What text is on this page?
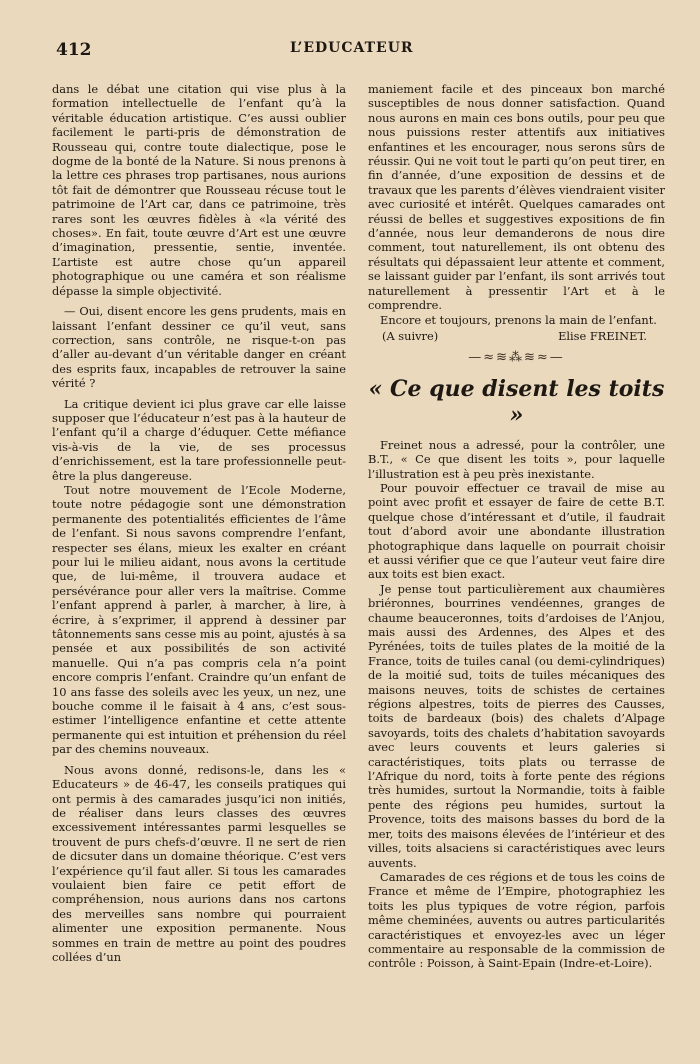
412	L’EDUCATEUR

dans le débat une citation qui vise plus à la formation intellectuelle de l’enfant qu’à la véritable éducation artistique. C’es aussi oublier facilement le parti-pris de démonstration de Rousseau qui, contre toute dialectique, pose le dogme de la bonté de la Nature. Si nous prenons à la lettre ces phrases trop partisanes, nous aurions tôt fait de démontrer que Rousseau récuse tout le patrimoine de l’Art car, dans ce patrimoine, très rares sont les œuvres fidèles à «la vérité des choses». En fait, toute œuvre d’Art est une œuvre d’imagination, pressentie, sentie, inventée. L’artiste est autre chose qu’un appareil photographique ou une caméra et son réalisme dépasse la simple objectivité.

— Oui, disent encore les gens prudents, mais en laissant l’enfant dessiner ce qu’il veut, sans correction, sans contrôle, ne risque-t-on pas d’aller au-devant d’un véritable danger en créant des esprits faux, incapables de retrouver la saine vérité ?

La critique devient ici plus grave car elle laisse supposer que l’éducateur n’est pas à la hauteur de l’enfant qu’il a charge d’éduquer. Cette méfiance vis-à-vis de la vie, de ses processus d’enrichissement, est la tare professionnelle peut-être la plus dangereuse.

Tout notre mouvement de l’Ecole Moderne, toute notre pédagogie sont une démonstration permanente des potentialités efficientes de l’âme de l’enfant. Si nous savons comprendre l’enfant, respecter ses élans, mieux les exalter en créant pour lui le milieu aidant, nous avons la certitude que, de lui-même, il trouvera audace et persévérance pour aller vers la maîtrise. Comme l’enfant apprend à parler, à marcher, à lire, à écrire, à s’exprimer, il apprend à dessiner par tâtonnements sans cesse mis au point, ajustés à sa pensée et aux possibilités de son activité manuelle. Qui n’a pas compris cela n’a point encore compris l’enfant. Craindre qu’un enfant de 10 ans fasse des soleils avec les yeux, un nez, une bouche comme il le faisait à 4 ans, c’est sous-estimer l’intelligence enfantine et cette attente permanente qui est intuition et préhension du réel par des chemins nouveaux.

Nous avons donné, redisons-le, dans les « Educateurs » de 46-47, les conseils pratiques qui ont permis à des camarades jusqu’ici non initiés, de réaliser dans leurs classes des œuvres excessivement intéressantes parmi lesquelles se trouvent de purs chefs-d’œuvre. Il ne sert de rien de dicsuter dans un domaine théorique. C’est vers l’expérience qu’il faut aller. Si tous les camarades voulaient bien faire ce petit effort de compréhension, nous aurions dans nos cartons des merveilles sans nombre qui pourraient alimenter une exposition permanente. Nous sommes en train de mettre au point des poudres collées d’un

maniement facile et des pinceaux bon marché susceptibles de nous donner satisfaction. Quand nous aurons en main ces bons outils, pour peu que nous puissions rester attentifs aux initiatives enfantines et les encourager, nous serons sûrs de réussir. Qui ne voit tout le parti qu’on peut tirer, en fin d’année, d’une exposition de dessins et de travaux que les parents d’élèves viendraient visiter avec curiosité et intérêt. Quelques camarades ont réussi de belles et suggestives expositions de fin d’année, nous leur demanderons de nous dire comment, tout naturellement, ils ont obtenu des résultats qui dépassaient leur attente et comment, se laissant guider par l’enfant, ils sont arrivés tout naturellement à pressentir l’Art et à le comprendre.

Encore et toujours, prenons la main de l’enfant.

(A suivre)	Elise FREINET.
—≈≋⁂≋≈—
« Ce que disent les toits »

Freinet nous a adressé, pour la contrôler, une B.T., « Ce que disent les toits », pour laquelle l’illustration est à peu près inexistante.

Pour pouvoir effectuer ce travail de mise au point avec profit et essayer de faire de cette B.T. quelque chose d’intéressant et d’utile, il faudrait tout d’abord avoir une abondante illustration photographique dans laquelle on pourrait choisir et aussi vérifier que ce que l’auteur veut faire dire aux toits est bien exact.

Je pense tout particulièrement aux chaumières briéronnes, bourrines vendéennes, granges de chaume beauceronnes, toits d’ardoises de l’Anjou, mais aussi des Ardennes, des Alpes et des Pyrénées, toits de tuiles plates de la moitié de la France, toits de tuiles canal (ou demi-cylindriques) de la moitié sud, toits de tuiles mécaniques des maisons neuves, toits de schistes de certaines régions alpestres, toits de pierres des Causses, toits de bardeaux (bois) des chalets d’Alpage savoyards, toits des chalets d’habitation savoyards avec leurs couvents et leurs galeries si caractéristiques, toits plats ou terrasse de l’Afrique du nord, toits à forte pente des régions très humides, surtout la Normandie, toits à faible pente des régions peu humides, surtout la Provence, toits des maisons basses du bord de la mer, toits des maisons élevées de l’intérieur et des villes, toits alsaciens si caractéristiques avec leurs auvents.

Camarades de ces régions et de tous les coins de France et même de l’Empire, photographiez les toits les plus typiques de votre région, parfois même cheminées, auvents ou autres particularités caractéristiques et envoyez-les avec un léger commentaire au responsable de la commission de contrôle : Poisson, à Saint-Epain (Indre-et-Loire).
